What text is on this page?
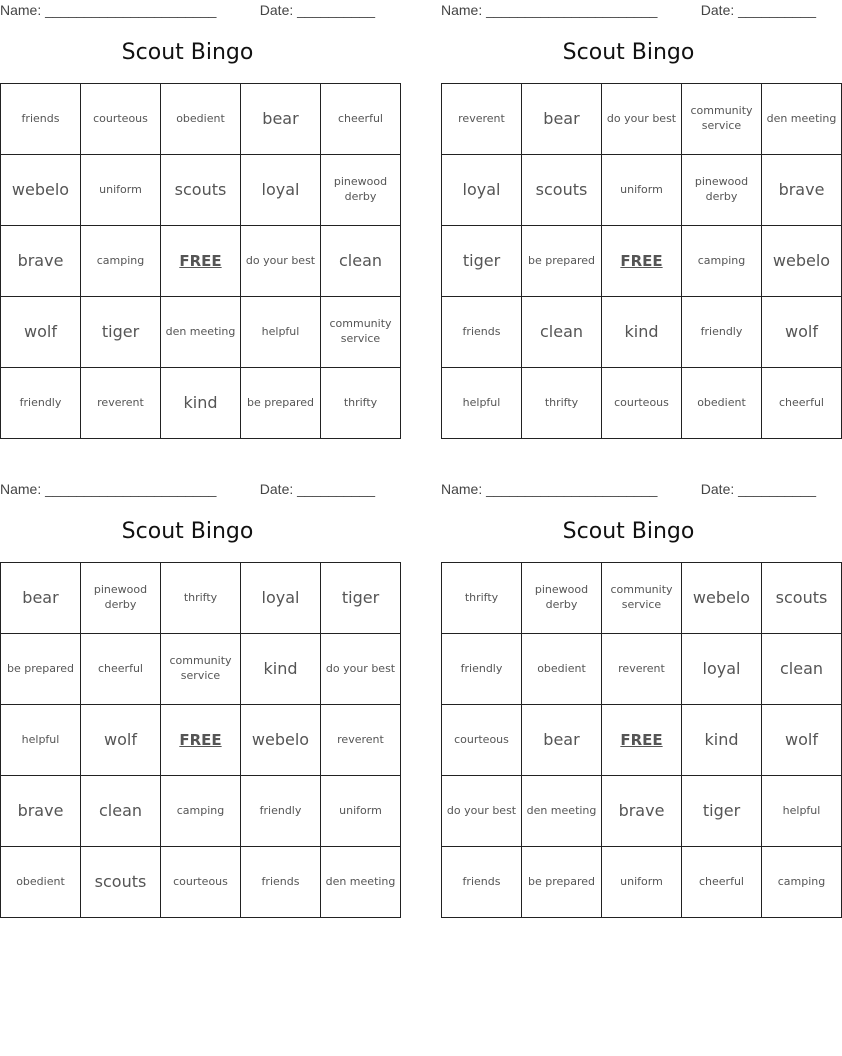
Name: ______________________	Date: __________
Scout Bingo
friends	courteous	obedient	bear	cheerful
webelo	uniform	scouts	loyal	pinewood derby
brave	camping	FREE	do your best	clean
wolf	tiger	den meeting	helpful	community service
friendly	reverent	kind	be prepared	thrifty
Name: ______________________	Date: __________
Scout Bingo
reverent	bear	do your best	community service	den meeting
loyal	scouts	uniform	pinewood derby	brave
tiger	be prepared	FREE	camping	webelo
friends	clean	kind	friendly	wolf
helpful	thrifty	courteous	obedient	cheerful
Name: ______________________	Date: __________
Scout Bingo
bear	pinewood derby	thrifty	loyal	tiger
be prepared	cheerful	community service	kind	do your best
helpful	wolf	FREE	webelo	reverent
brave	clean	camping	friendly	uniform
obedient	scouts	courteous	friends	den meeting
Name: ______________________	Date: __________
Scout Bingo
thrifty	pinewood derby	community service	webelo	scouts
friendly	obedient	reverent	loyal	clean
courteous	bear	FREE	kind	wolf
do your best	den meeting	brave	tiger	helpful
friends	be prepared	uniform	cheerful	camping
